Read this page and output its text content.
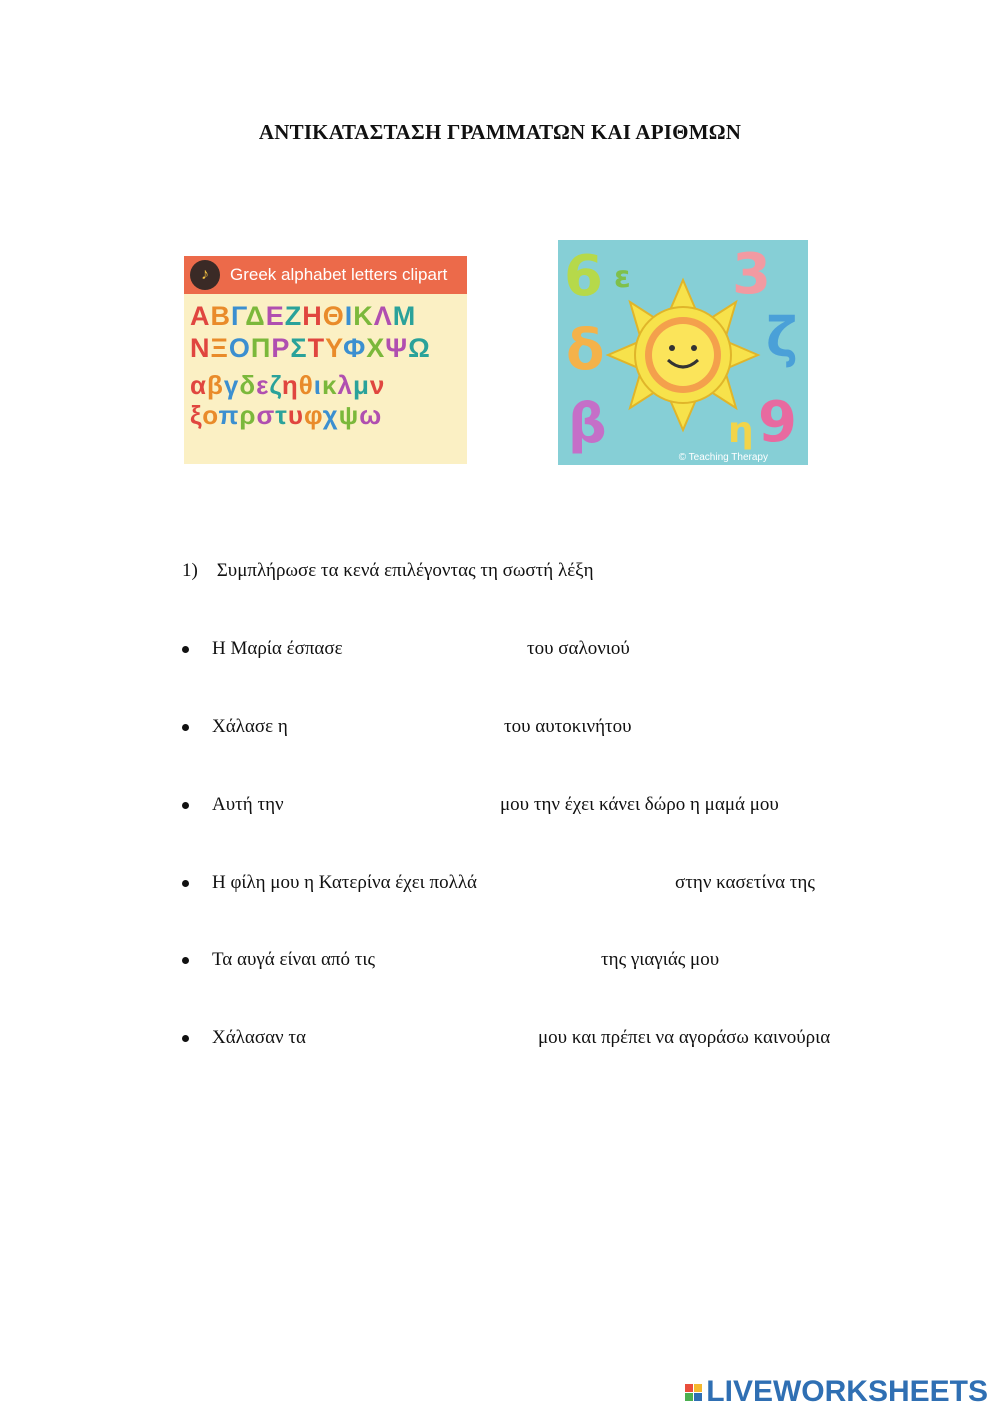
ΑΝΤΙΚΑΤΑΣΤΑΣΗ ΓΡΑΜΜΑΤΩΝ ΚΑΙ ΑΡΙΘΜΩΝ
♪	Greek alphabet letters clipart
ΑΒΓΔΕΖΗΘΙΚΛΜ
ΝΞΟΠΡΣΤΥΦΧΨΩ
αβγδεζηθικλμν
ξοπρστυφχψω
6 ε 3
δ	ζ
β	η 9
© Teaching Therapy
1) Συμπλήρωσε τα κενά επιλέγοντας τη σωστή λέξη
Η Μαρία έσπασε	του σαλονιού
Χάλασε η	του αυτοκινήτου
Αυτή την	μου την έχει κάνει δώρο η μαμά μου
Η φίλη μου η Κατερίνα έχει πολλά	στην κασετίνα της
Τα αυγά είναι από τις	της γιαγιάς μου
Χάλασαν τα	μου και πρέπει να αγοράσω καινούρια
LIVEWORKSHEETS
